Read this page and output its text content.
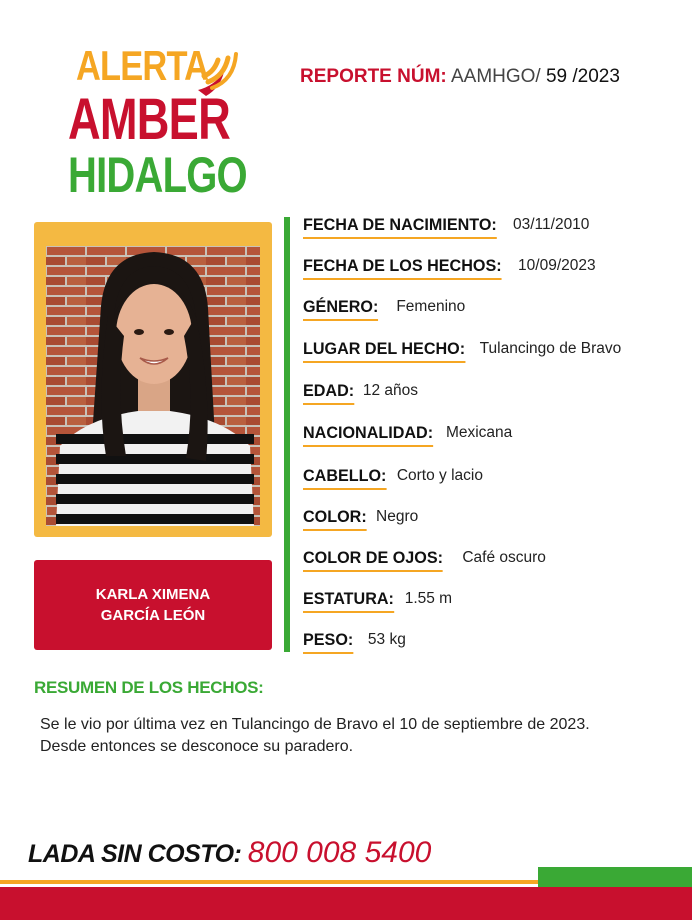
ALERTA
AMBER
HIDALGO
REPORTE NÚM: AAMHGO/ 59 /2023
KARLA XIMENA
GARCÍA LEÓN
FECHA DE NACIMIENTO: 03/11/2010
FECHA DE LOS HECHOS: 10/09/2023
GÉNERO: Femenino
LUGAR DEL HECHO: Tulancingo de Bravo
EDAD: 12 años
NACIONALIDAD: Mexicana
CABELLO: Corto y lacio
COLOR: Negro
COLOR DE OJOS: Café oscuro
ESTATURA: 1.55 m
PESO: 53 kg
RESUMEN DE LOS HECHOS:
Se le vio por última vez en Tulancingo de Bravo el 10 de septiembre de 2023.
Desde entonces se desconoce su paradero.
LADA SIN COSTO: 800 008 5400
